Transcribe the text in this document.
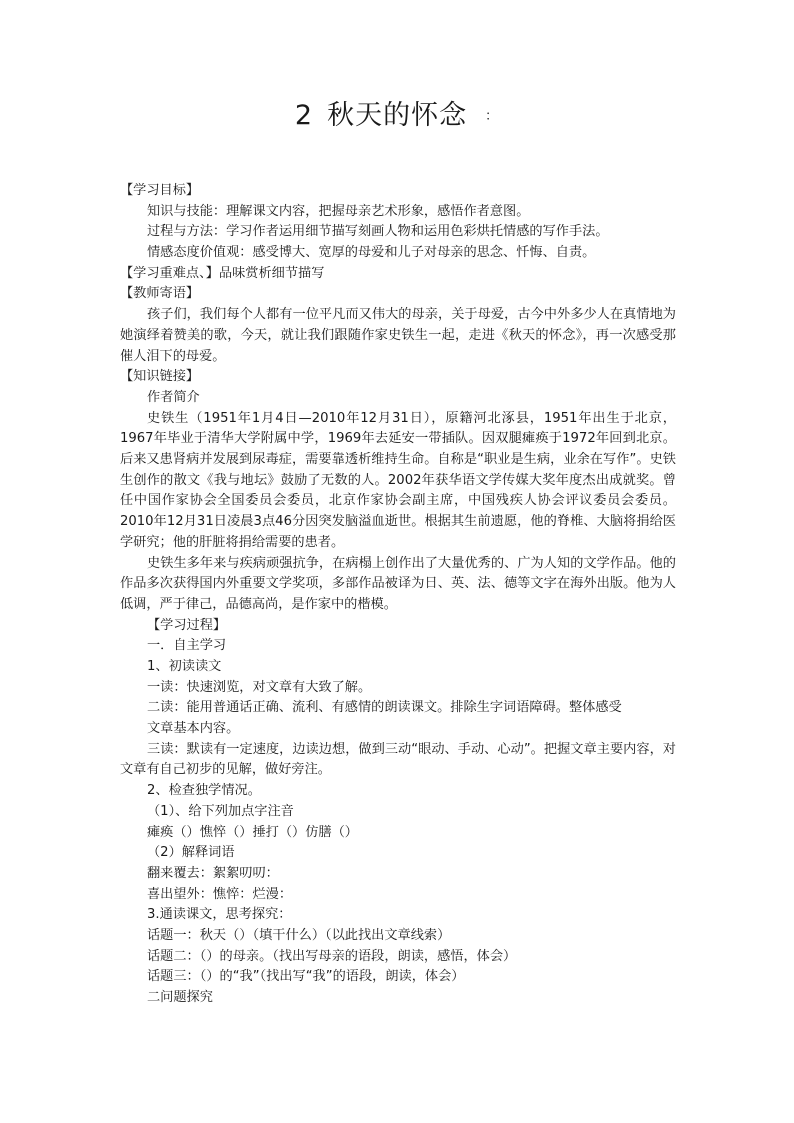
2 秋天的怀念 ：
【学习目标】
知识与技能：理解课文内容，把握母亲艺术形象，感悟作者意图。
过程与方法：学习作者运用细节描写刻画人物和运用色彩烘托情感的写作手法。
情感态度价值观：感受博大、宽厚的母爱和儿子对母亲的思念、忏悔、自责。
【学习重难点、】品味赏析细节描写
【教师寄语】
孩子们，我们每个人都有一位平凡而又伟大的母亲，关于母爱，古今中外多少人在真情地为她演绎着赞美的歌，今天，就让我们跟随作家史铁生一起，走进《秋天的怀念》，再一次感受那催人泪下的母爱。
【知识链接】
作者简介
史铁生（1951年1月4日—2010年12月31日），原籍河北涿县，1951年出生于北京，1967年毕业于清华大学附属中学，1969年去延安一带插队。因双腿瘫痪于1972年回到北京。后来又患肾病并发展到尿毒症，需要靠透析维持生命。自称是“职业是生病，业余在写作”。史铁生创作的散文《我与地坛》鼓励了无数的人。2002年获华语文学传媒大奖年度杰出成就奖。曾任中国作家协会全国委员会委员，北京作家协会副主席，中国残疾人协会评议委员会委员。2010年12月31日凌晨3点46分因突发脑溢血逝世。根据其生前遗愿，他的脊椎、大脑将捐给医学研究；他的肝脏将捐给需要的患者。
史铁生多年来与疾病顽强抗争，在病榻上创作出了大量优秀的、广为人知的文学作品。他的作品多次获得国内外重要文学奖项，多部作品被译为日、英、法、德等文字在海外出版。他为人低调，严于律己，品德高尚，是作家中的楷模。
【学习过程】
一．自主学习
1、初读读文
一读：快速浏览，对文章有大致了解。
二读：能用普通话正确、流利、有感情的朗读课文。排除生字词语障碍。整体感受
文章基本内容。
三读：默读有一定速度，边读边想，做到三动“眼动、手动、心动”。把握文章主要内容，对文章有自己初步的见解，做好旁注。
2、检查独学情况。
（1）、给下列加点字注音
瘫痪（）憔悴（）捶打（）仿膳（）
（2）解释词语
翻来覆去：絮絮叨叨：
喜出望外：憔悴：烂漫：
3.通读课文，思考探究：
话题一：秋天（）（填干什么）（以此找出文章线索）
话题二：（）的母亲。（找出写母亲的语段，朗读，感悟，体会）
话题三：（）的“我”（找出写“我”的语段，朗读，体会）
二问题探究
